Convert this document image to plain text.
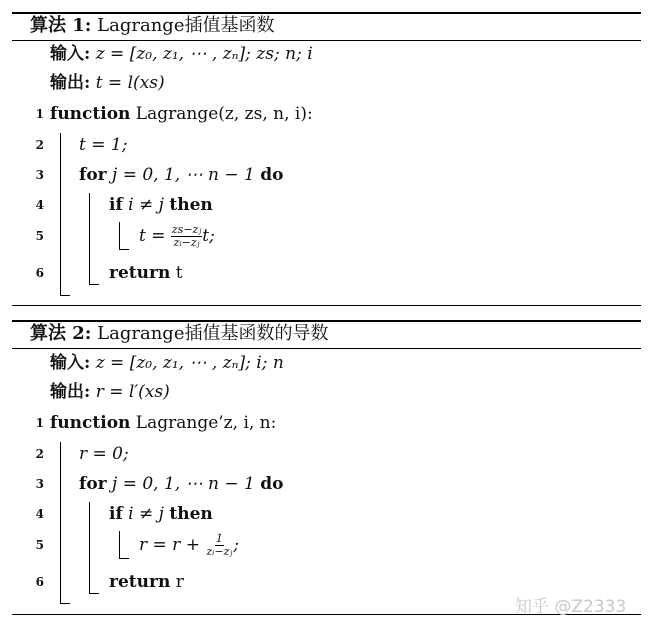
算法 1: Lagrange插值基函数
输入: z = [z₀, z₁, ⋯ , zₙ]; zs; n; i
输出: t = l(xs)
1 function Lagrange(z, zs, n, i):
2 t = 1;
3 for j = 0, 1, ⋯ n − 1 do
4	if i ≠ j then
5	$t = \frac{\text{zs−zⱼ}}{\text{zᵢ−zⱼ}} t$;
6	return t
算法 2: Lagrange插值基函数的导数
输入: z = [z₀, z₁, ⋯ , zₙ]; i; n
输出: r = l′(xs)
1 function Lagrange’z, i, n:
2 r = 0;
3 for j = 0, 1, ⋯ n − 1 do
4	if i ≠ j then
5	$r = r + \frac{1}{\text{zᵢ−zⱼ}}$ ;
6	return r
知乎 @Z2333
